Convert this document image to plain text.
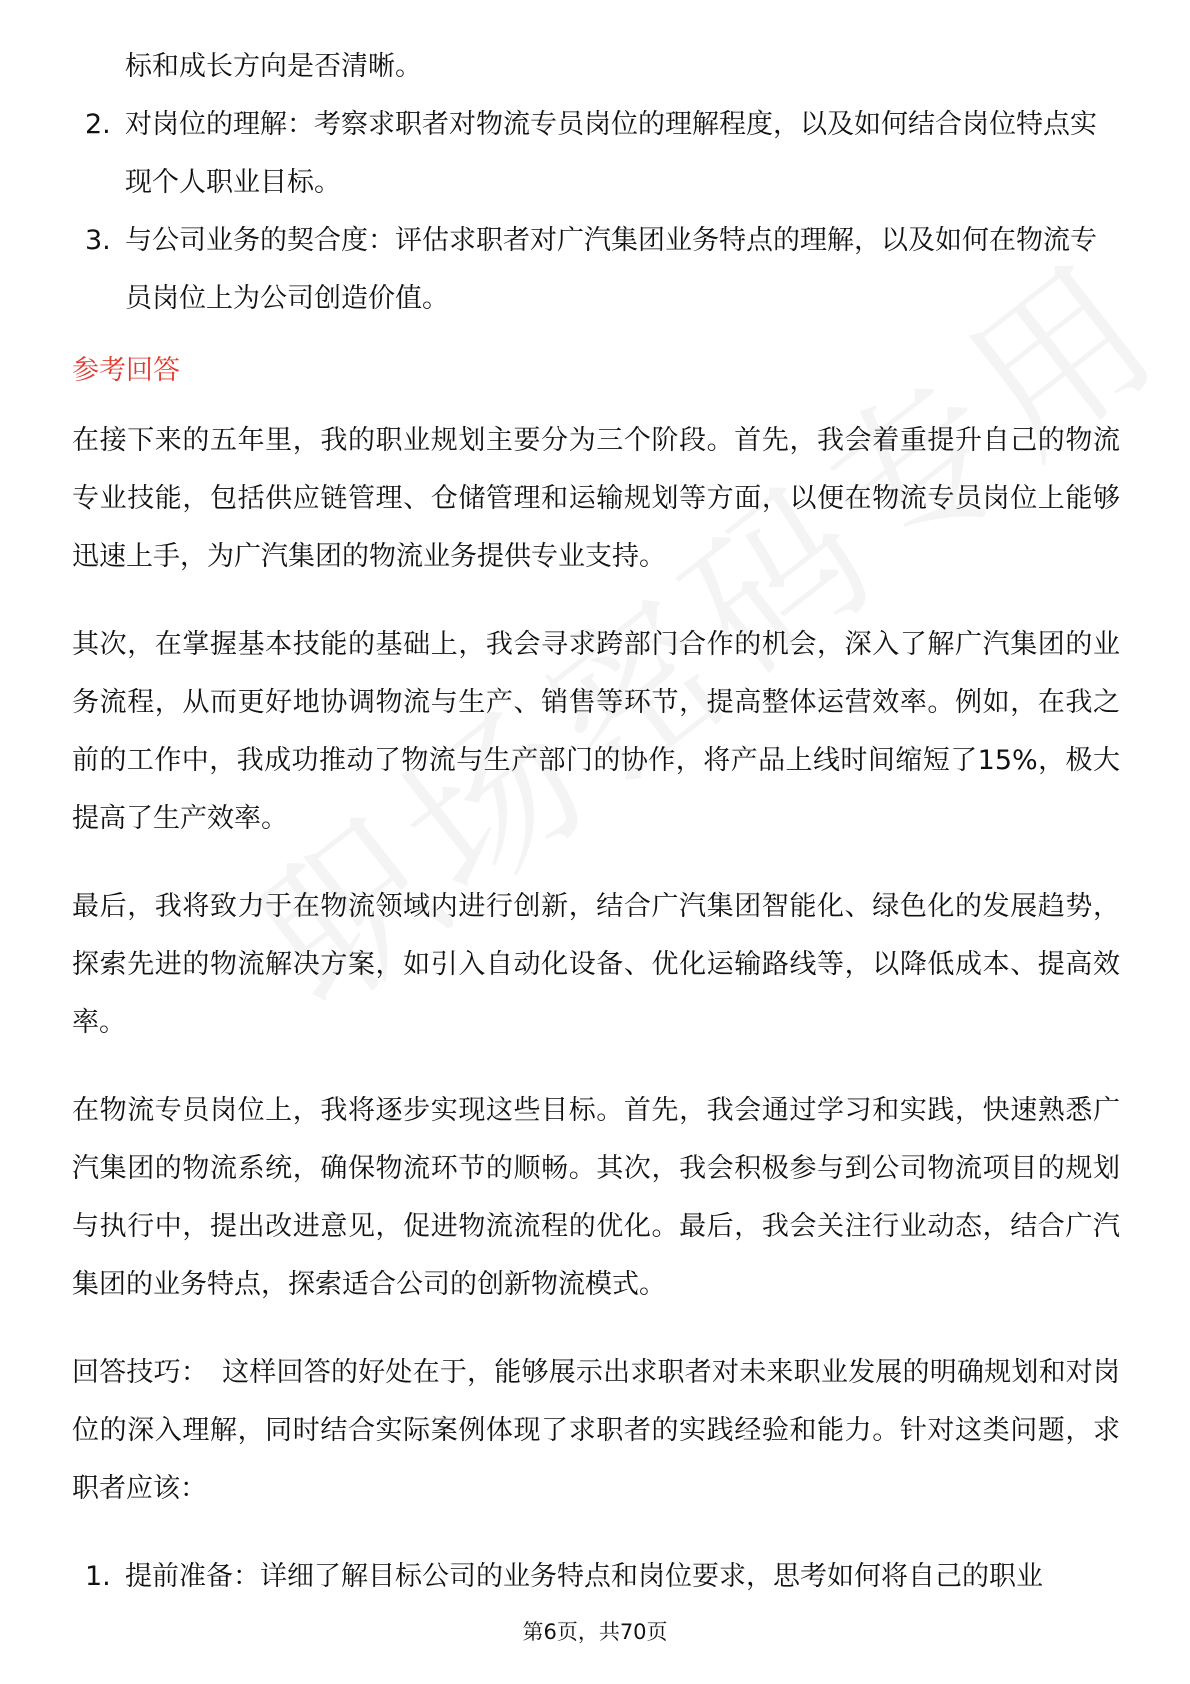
标和成长方向是否清晰。
2. 对岗位的理解：考察求职者对物流专员岗位的理解程度，以及如何结合岗位特点实现个人职业目标。
3. 与公司业务的契合度：评估求职者对广汽集团业务特点的理解，以及如何在物流专员岗位上为公司创造价值。
参考回答
在接下来的五年里，我的职业规划主要分为三个阶段。首先，我会着重提升自己的物流专业技能，包括供应链管理、仓储管理和运输规划等方面，以便在物流专员岗位上能够迅速上手，为广汽集团的物流业务提供专业支持。
其次，在掌握基本技能的基础上，我会寻求跨部门合作的机会，深入了解广汽集团的业务流程，从而更好地协调物流与生产、销售等环节，提高整体运营效率。例如，在我之前的工作中，我成功推动了物流与生产部门的协作，将产品上线时间缩短了15%，极大提高了生产效率。
最后，我将致力于在物流领域内进行创新，结合广汽集团智能化、绿色化的发展趋势，探索先进的物流解决方案，如引入自动化设备、优化运输路线等，以降低成本、提高效率。
在物流专员岗位上，我将逐步实现这些目标。首先，我会通过学习和实践，快速熟悉广汽集团的物流系统，确保物流环节的顺畅。其次，我会积极参与到公司物流项目的规划与执行中，提出改进意见，促进物流流程的优化。最后，我会关注行业动态，结合广汽集团的业务特点，探索适合公司的创新物流模式。
回答技巧： 这样回答的好处在于，能够展示出求职者对未来职业发展的明确规划和对岗位的深入理解，同时结合实际案例体现了求职者的实践经验和能力。针对这类问题，求职者应该：
1. 提前准备：详细了解目标公司的业务特点和岗位要求，思考如何将自己的职业
第6页，共70页
